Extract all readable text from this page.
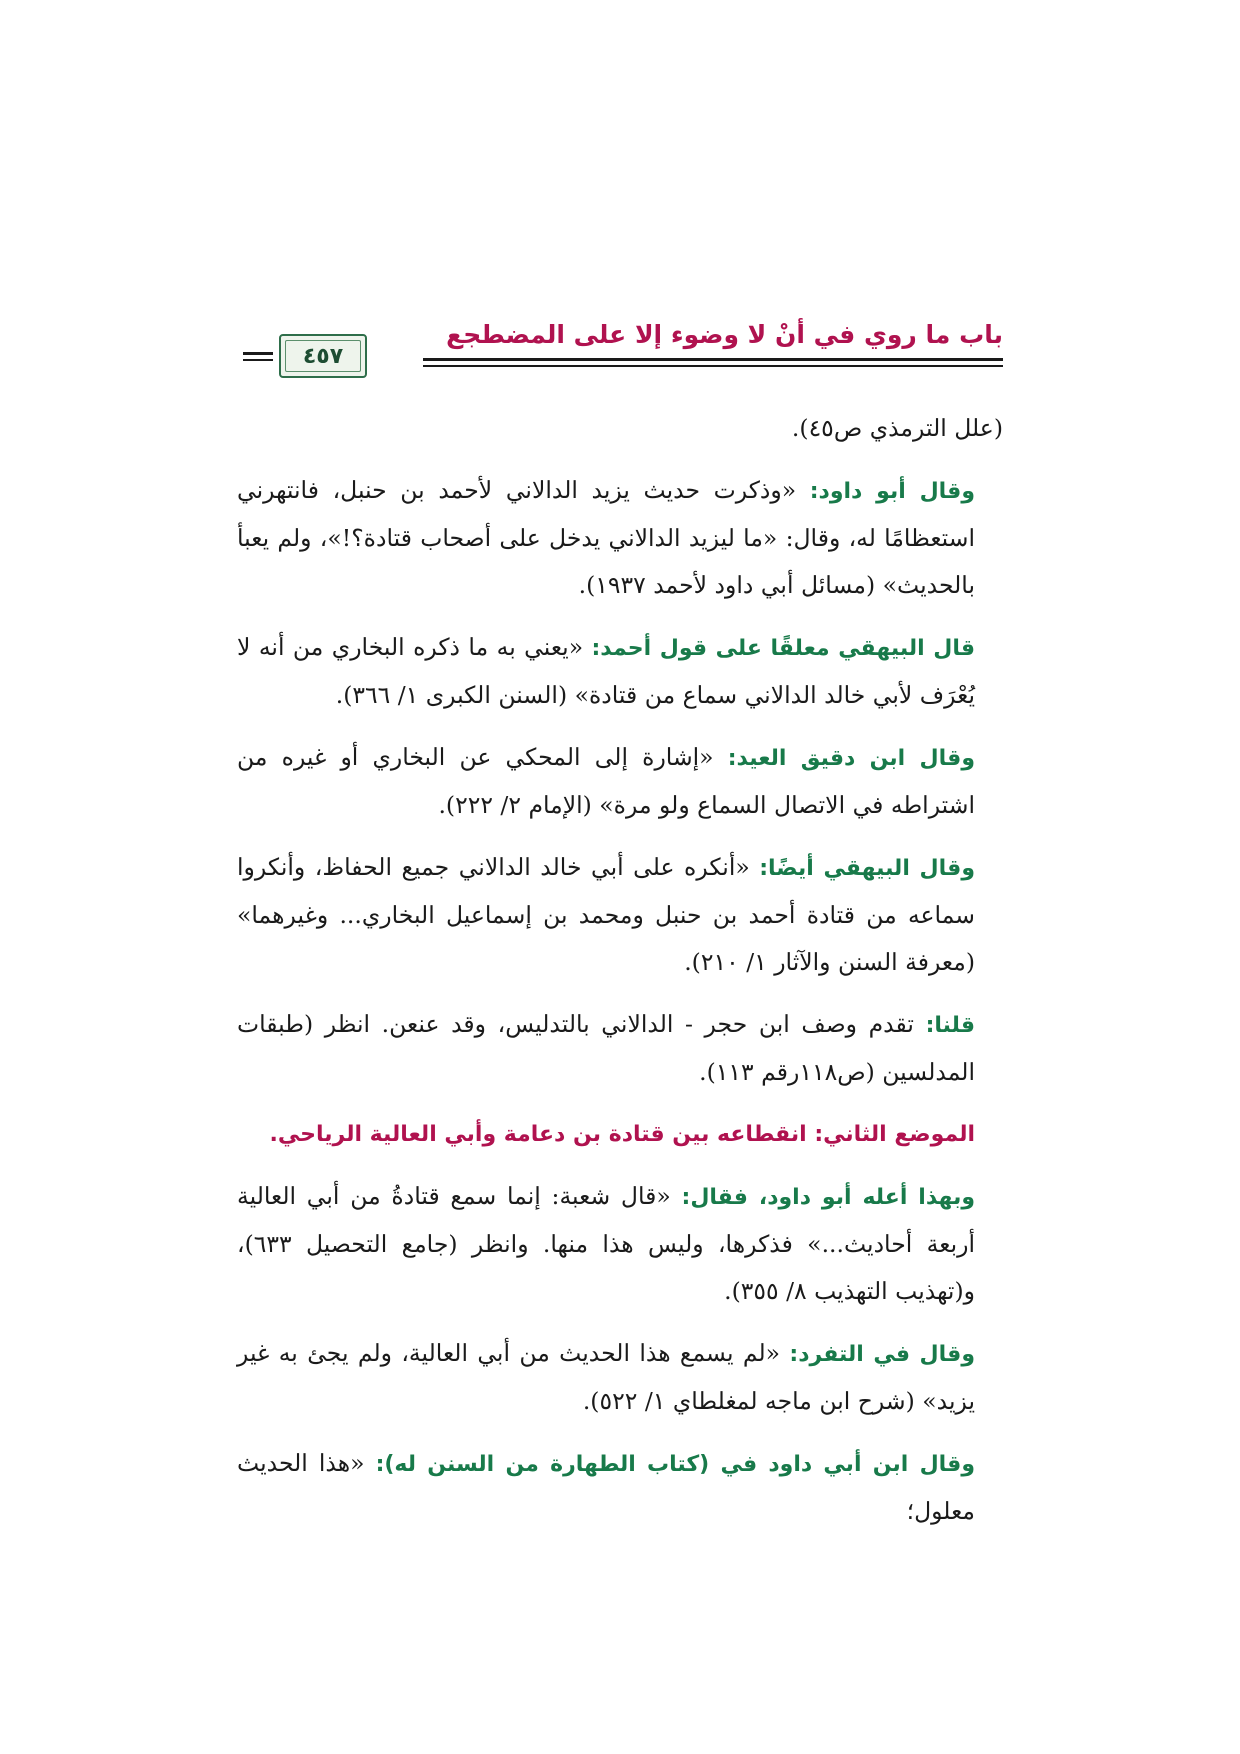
باب ما روي في أنْ لا وضوء إلا على المضطجع
٤٥٧

(علل الترمذي ص٤٥).

وقال أبو داود: «وذكرت حديث يزيد الدالاني لأحمد بن حنبل، فانتهرني استعظامًا له، وقال: «ما ليزيد الدالاني يدخل على أصحاب قتادة؟!»، ولم يعبأ بالحديث» (مسائل أبي داود لأحمد ١٩٣٧).

قال البيهقي معلقًا على قول أحمد: «يعني به ما ذكره البخاري من أنه لا يُعْرَف لأبي خالد الدالاني سماع من قتادة» (السنن الكبرى ١/ ٣٦٦).

وقال ابن دقيق العيد: «إشارة إلى المحكي عن البخاري أو غيره من اشتراطه في الاتصال السماع ولو مرة» (الإمام ٢/ ٢٢٢).

وقال البيهقي أيضًا: «أنكره على أبي خالد الدالاني جميع الحفاظ، وأنكروا سماعه من قتادة أحمد بن حنبل ومحمد بن إسماعيل البخاري... وغيرهما» (معرفة السنن والآثار ١/ ٢١٠).

قلنا: تقدم وصف ابن حجر - الدالاني بالتدليس، وقد عنعن. انظر (طبقات المدلسين (ص١١٨رقم ١١٣).

الموضع الثاني: انقطاعه بين قتادة بن دعامة وأبي العالية الرياحي.

وبهذا أعله أبو داود، فقال: «قال شعبة: إنما سمع قتادةُ من أبي العالية أربعة أحاديث...» فذكرها، وليس هذا منها. وانظر (جامع التحصيل ٦٣٣)، و(تهذيب التهذيب ٨/ ٣٥٥).

وقال في التفرد: «لم يسمع هذا الحديث من أبي العالية، ولم يجئ به غير يزيد» (شرح ابن ماجه لمغلطاي ١/ ٥٢٢).

وقال ابن أبي داود في (كتاب الطهارة من السنن له): «هذا الحديث معلول؛
